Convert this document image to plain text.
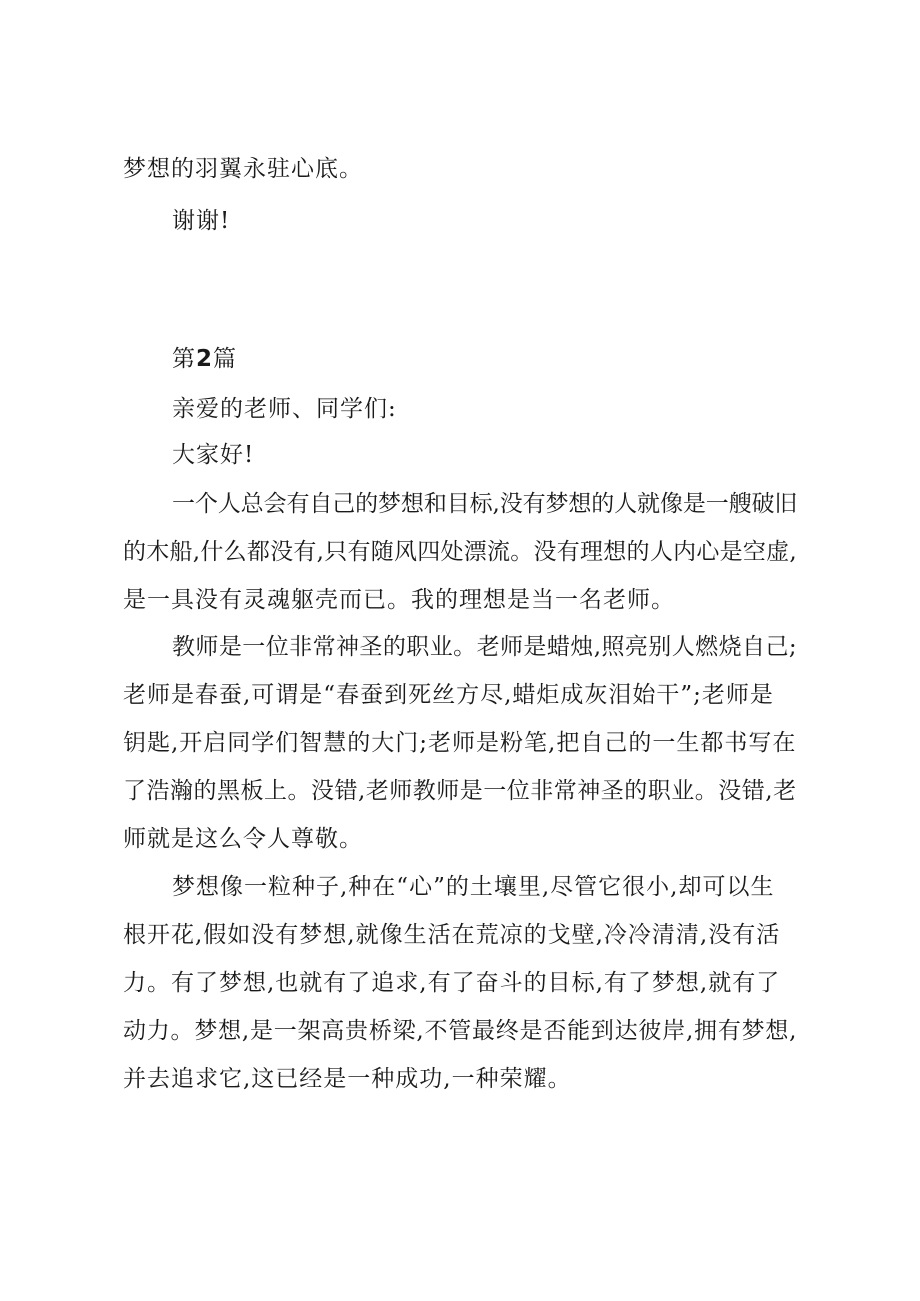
梦想的羽翼永驻心底。
谢谢!
第2篇
亲爱的老师、同学们:
大家好!
一个人总会有自己的梦想和目标,没有梦想的人就像是一艘破旧
的木船,什么都没有,只有随风四处漂流。没有理想的人内心是空虚,
是一具没有灵魂躯壳而已。我的理想是当一名老师。
教师是一位非常神圣的职业。老师是蜡烛,照亮别人燃烧自己;
老师是春蚕,可谓是“春蚕到死丝方尽,蜡炬成灰泪始干”;老师是
钥匙,开启同学们智慧的大门;老师是粉笔,把自己的一生都书写在
了浩瀚的黑板上。没错,老师教师是一位非常神圣的职业。没错,老
师就是这么令人尊敬。
梦想像一粒种子,种在“心”的土壤里,尽管它很小,却可以生
根开花,假如没有梦想,就像生活在荒凉的戈壁,冷冷清清,没有活
力。有了梦想,也就有了追求,有了奋斗的目标,有了梦想,就有了
动力。梦想,是一架高贵桥梁,不管最终是否能到达彼岸,拥有梦想,
并去追求它,这已经是一种成功,一种荣耀。
